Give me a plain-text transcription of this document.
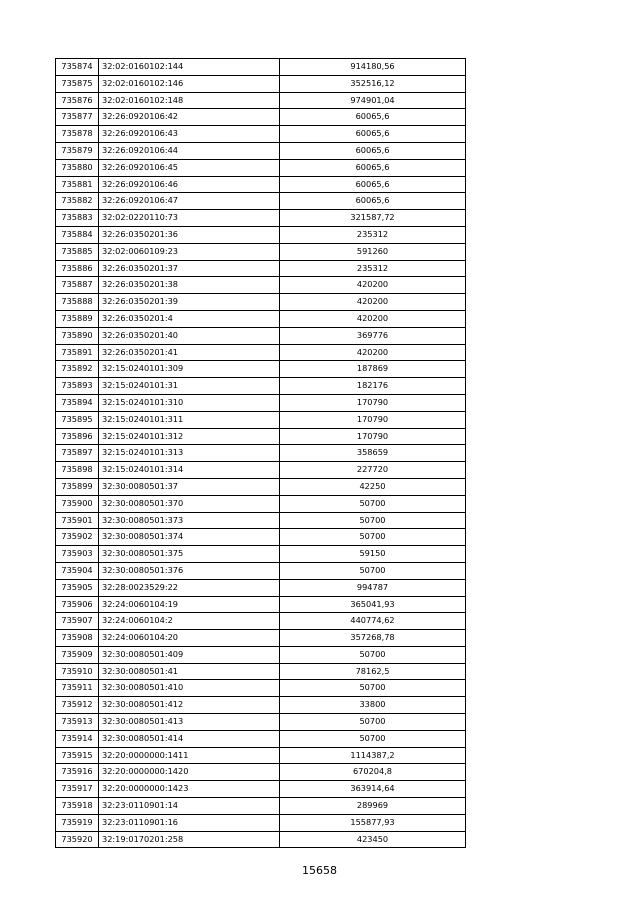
735874	32:02:0160102:144	914180,56
735875	32:02:0160102:146	352516,12
735876	32:02:0160102:148	974901,04
735877	32:26:0920106:42	60065,6
735878	32:26:0920106:43	60065,6
735879	32:26:0920106:44	60065,6
735880	32:26:0920106:45	60065,6
735881	32:26:0920106:46	60065,6
735882	32:26:0920106:47	60065,6
735883	32:02:0220110:73	321587,72
735884	32:26:0350201:36	235312
735885	32:02:0060109:23	591260
735886	32:26:0350201:37	235312
735887	32:26:0350201:38	420200
735888	32:26:0350201:39	420200
735889	32:26:0350201:4	420200
735890	32:26:0350201:40	369776
735891	32:26:0350201:41	420200
735892	32:15:0240101:309	187869
735893	32:15:0240101:31	182176
735894	32:15:0240101:310	170790
735895	32:15:0240101:311	170790
735896	32:15:0240101:312	170790
735897	32:15:0240101:313	358659
735898	32:15:0240101:314	227720
735899	32:30:0080501:37	42250
735900	32:30:0080501:370	50700
735901	32:30:0080501:373	50700
735902	32:30:0080501:374	50700
735903	32:30:0080501:375	59150
735904	32:30:0080501:376	50700
735905	32:28:0023529:22	994787
735906	32:24:0060104:19	365041,93
735907	32:24:0060104:2	440774,62
735908	32:24:0060104:20	357268,78
735909	32:30:0080501:409	50700
735910	32:30:0080501:41	78162,5
735911	32:30:0080501:410	50700
735912	32:30:0080501:412	33800
735913	32:30:0080501:413	50700
735914	32:30:0080501:414	50700
735915	32:20:0000000:1411	1114387,2
735916	32:20:0000000:1420	670204,8
735917	32:20:0000000:1423	363914,64
735918	32:23:0110901:14	289969
735919	32:23:0110901:16	155877,93
735920	32:19:0170201:258	423450
15658
